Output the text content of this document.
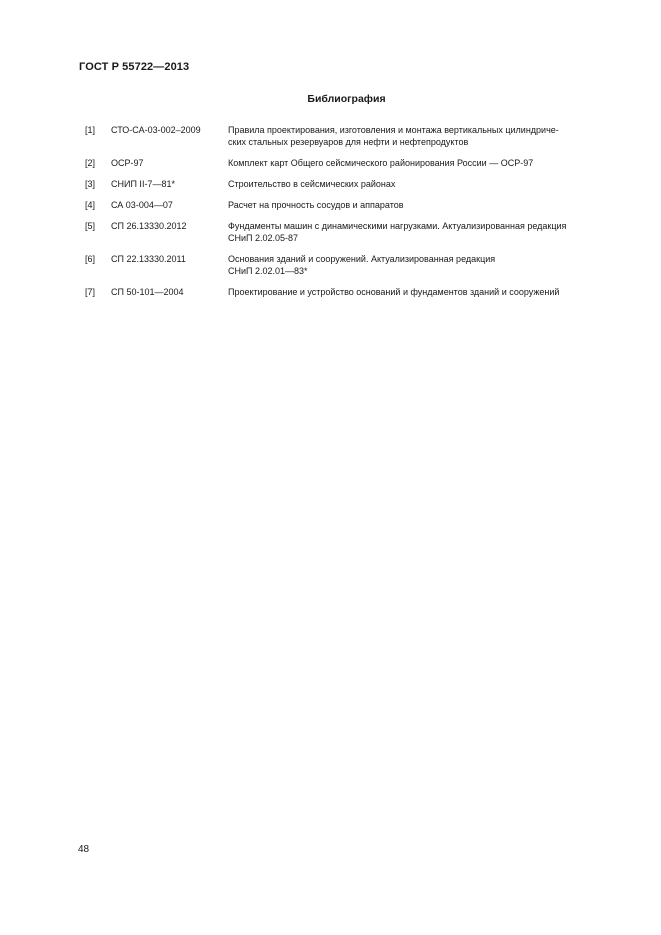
ГОСТ Р 55722—2013
Библиография
[1] СТО-СА-03-002–2009	Правила проектирования, изготовления и монтажа вертикальных цилиндриче-
ских стальных резервуаров для нефти и нефтепродуктов
[2] ОСР-97	Комплект карт Общего сейсмического районирования России — ОСР-97
[3] СНИП II-7—81*	Строительство в сейсмических районах
[4] СА 03-004—07	Расчет на прочность сосудов и аппаратов
[5] СП 26.13330.2012	Фундаменты машин с динамическими нагрузками. Актуализированная редакция
СНиП 2.02.05-87
[6] СП 22.13330.2011	Основания зданий и сооружений. Актуализированная редакция
СНиП 2.02.01—83*
[7] СП 50-101—2004	Проектирование и устройство оснований и фундаментов зданий и сооружений
48
